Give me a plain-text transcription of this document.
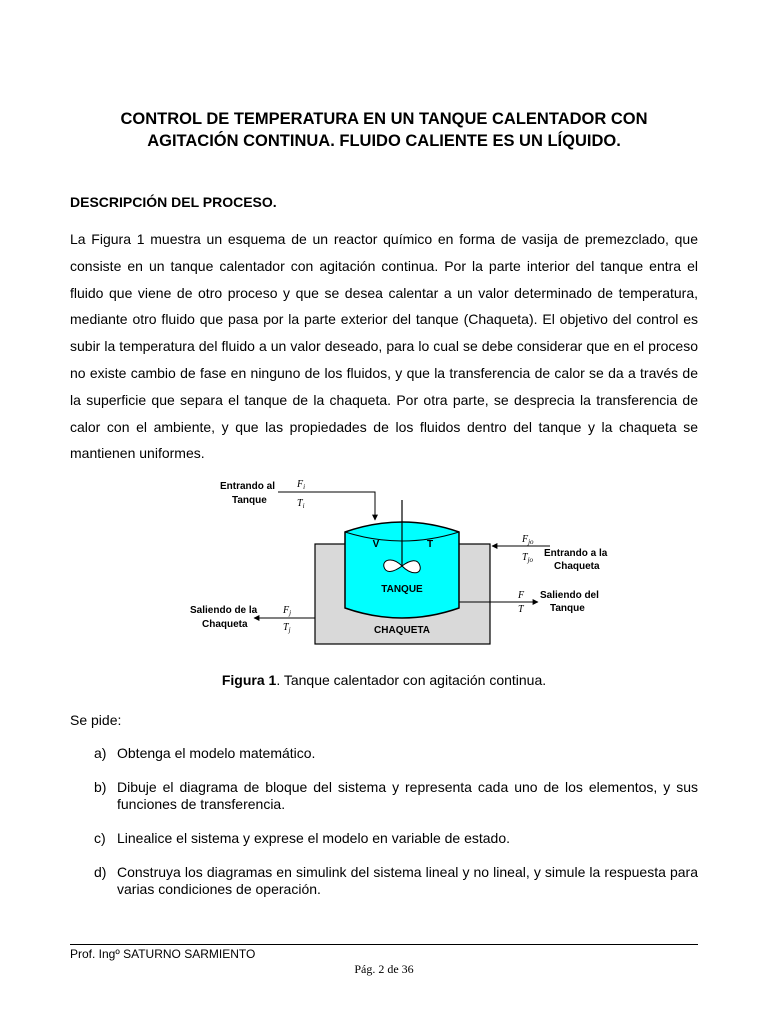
CONTROL DE TEMPERATURA EN UN TANQUE CALENTADOR CON
AGITACIÓN CONTINUA. FLUIDO CALIENTE ES UN LÍQUIDO.
DESCRIPCIÓN DEL PROCESO.

La Figura 1 muestra un esquema de un reactor químico en forma de vasija de premezclado, que consiste en un tanque calentador con agitación continua. Por la parte interior del tanque entra el fluido que viene de otro proceso y que se desea calentar a un valor determinado de temperatura, mediante otro fluido que pasa por la parte exterior del tanque (Chaqueta). El objetivo del control es subir la temperatura del fluido a un valor deseado, para lo cual se debe considerar que en el proceso no existe cambio de fase en ninguno de los fluidos, y que la transferencia de calor se da a través de la superficie que separa el tanque de la chaqueta. Por otra parte, se desprecia la transferencia de calor con el ambiente, y que las propiedades de los fluidos dentro del tanque y la chaqueta se mantienen uniformes.

Entrando al
Tanque
V	T
TANQUE
CHAQUETA
Entrando a la
Chaqueta
Saliendo del
Tanque
Saliendo de la
Chaqueta
$F_i$
$T_i$
$F_{jo}$
$T_{jo}$
F
T
$F_j$
$T_j$

Figura 1. Tanque calentador con agitación continua.

Se pide:

a) Obtenga el modelo matemático.
b) Dibuje el diagrama de bloque del sistema y representa cada uno de los elementos, y sus funciones de transferencia.
c) Linealice el sistema y exprese el modelo en variable de estado.
d) Construya los diagramas en simulink del sistema lineal y no lineal, y simule la respuesta para varias condiciones de operación.

Prof. Ingº SATURNO SARMIENTO

Pág. 2 de 36
